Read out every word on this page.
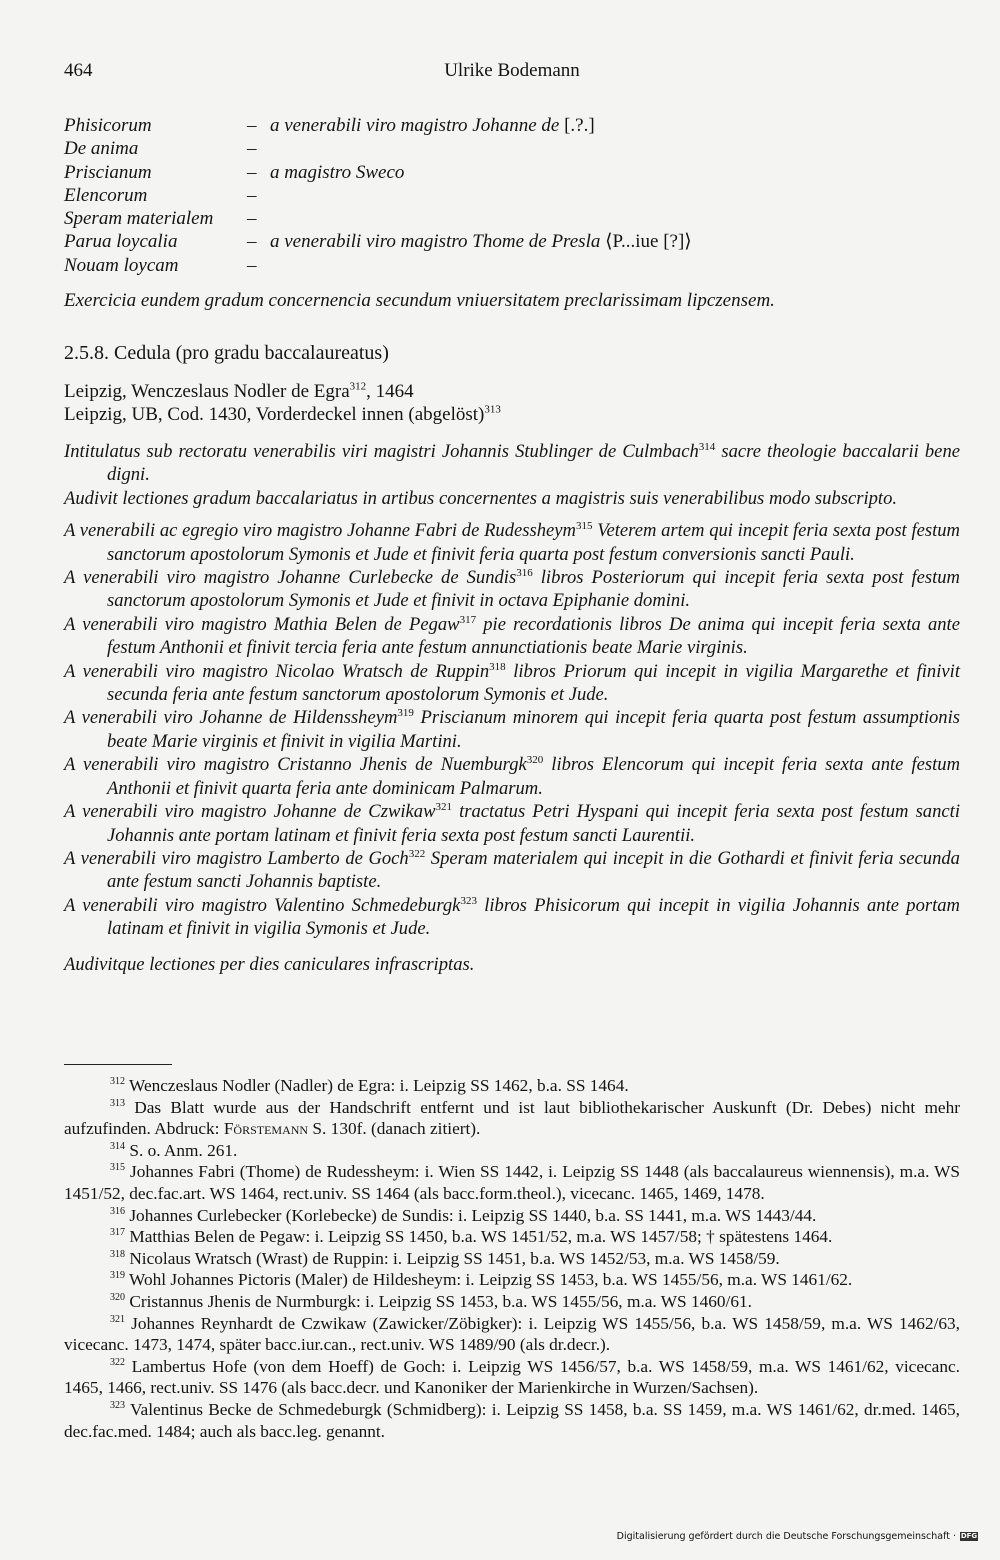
464	Ulrike Bodemann
Phisicorum	– a venerabili viro magistro Johanne de [.?.]
De anima	–
Priscianum	– a magistro Sweco
Elencorum	–
Speram materialem –
Parua loycalia	– a venerabili viro magistro Thome de Presla ⟨P...iue [?]⟩
Nouam loycam	–
Exercicia eundem gradum concernencia secundum vniuersitatem preclarissimam lipczensem.
2.5.8. Cedula (pro gradu baccalaureatus)
Leipzig, Wenczeslaus Nodler de Egra$^{312}$, 1464
Leipzig, UB, Cod. 1430, Vorderdeckel innen (abgelöst)$^{313}$

Intitulatus sub rectoratu venerabilis viri magistri Johannis Stublinger de Culmbach$^{314}$ sacre theologie baccalarii bene digni.

Audivit lectiones gradum baccalariatus in artibus concernentes a magistris suis venerabilibus modo subscripto.

A venerabili ac egregio viro magistro Johanne Fabri de Rudessheym$^{315}$ Veterem artem qui incepit feria sexta post festum sanctorum apostolorum Symonis et Jude et finivit feria quarta post festum conversionis sancti Pauli.

A venerabili viro magistro Johanne Curlebecke de Sundis$^{316}$ libros Posteriorum qui incepit feria sexta post festum sanctorum apostolorum Symonis et Jude et finivit in octava Epiphanie domini.

A venerabili viro magistro Mathia Belen de Pegaw$^{317}$ pie recordationis libros De anima qui incepit feria sexta ante festum Anthonii et finivit tercia feria ante festum annunctiationis beate Marie virginis.

A venerabili viro magistro Nicolao Wratsch de Ruppin$^{318}$ libros Priorum qui incepit in vigilia Margarethe et finivit secunda feria ante festum sanctorum apostolorum Symonis et Jude.

A venerabili viro Johanne de Hildenssheym$^{319}$ Priscianum minorem qui incepit feria quarta post festum assumptionis beate Marie virginis et finivit in vigilia Martini.

A venerabili viro magistro Cristanno Jhenis de Nuemburgk$^{320}$ libros Elencorum qui incepit feria sexta ante festum Anthonii et finivit quarta feria ante dominicam Palmarum.

A venerabili viro magistro Johanne de Czwikaw$^{321}$ tractatus Petri Hyspani qui incepit feria sexta post festum sancti Johannis ante portam latinam et finivit feria sexta post festum sancti Laurentii.

A venerabili viro magistro Lamberto de Goch$^{322}$ Speram materialem qui incepit in die Gothardi et finivit feria secunda ante festum sancti Johannis baptiste.

A venerabili viro magistro Valentino Schmedeburgk$^{323}$ libros Phisicorum qui incepit in vigilia Johannis ante portam latinam et finivit in vigilia Symonis et Jude.

Audivitque lectiones per dies caniculares infrascriptas.

$^{312}$ Wenczeslaus Nodler (Nadler) de Egra: i. Leipzig SS 1462, b.a. SS 1464.

$^{313}$ Das Blatt wurde aus der Handschrift entfernt und ist laut bibliothekarischer Auskunft (Dr. Debes) nicht mehr aufzufinden. Abdruck: Förstemann S. 130f. (danach zitiert).

$^{314}$ S. o. Anm. 261.

$^{315}$ Johannes Fabri (Thome) de Rudessheym: i. Wien SS 1442, i. Leipzig SS 1448 (als baccalaureus wiennensis), m.a. WS 1451/52, dec.fac.art. WS 1464, rect.univ. SS 1464 (als bacc.form.theol.), vicecanc. 1465, 1469, 1478.

$^{316}$ Johannes Curlebecker (Korlebecke) de Sundis: i. Leipzig SS 1440, b.a. SS 1441, m.a. WS 1443/44.

$^{317}$ Matthias Belen de Pegaw: i. Leipzig SS 1450, b.a. WS 1451/52, m.a. WS 1457/58; † spätestens 1464.

$^{318}$ Nicolaus Wratsch (Wrast) de Ruppin: i. Leipzig SS 1451, b.a. WS 1452/53, m.a. WS 1458/59.

$^{319}$ Wohl Johannes Pictoris (Maler) de Hildesheym: i. Leipzig SS 1453, b.a. WS 1455/56, m.a. WS 1461/62.

$^{320}$ Cristannus Jhenis de Nurmburgk: i. Leipzig SS 1453, b.a. WS 1455/56, m.a. WS 1460/61.

$^{321}$ Johannes Reynhardt de Czwikaw (Zawicker/Zöbigker): i. Leipzig WS 1455/56, b.a. WS 1458/59, m.a. WS 1462/63, vicecanc. 1473, 1474, später bacc.iur.can., rect.univ. WS 1489/90 (als dr.decr.).

$^{322}$ Lambertus Hofe (von dem Hoeff) de Goch: i. Leipzig WS 1456/57, b.a. WS 1458/59, m.a. WS 1461/62, vicecanc. 1465, 1466, rect.univ. SS 1476 (als bacc.decr. und Kanoniker der Marienkirche in Wurzen/Sachsen).

$^{323}$ Valentinus Becke de Schmedeburgk (Schmidberg): i. Leipzig SS 1458, b.a. SS 1459, m.a. WS 1461/62, dr.med. 1465, dec.fac.med. 1484; auch als bacc.leg. genannt.

Digitalisierung gefördert durch die Deutsche Forschungsgemeinschaft · DFG
